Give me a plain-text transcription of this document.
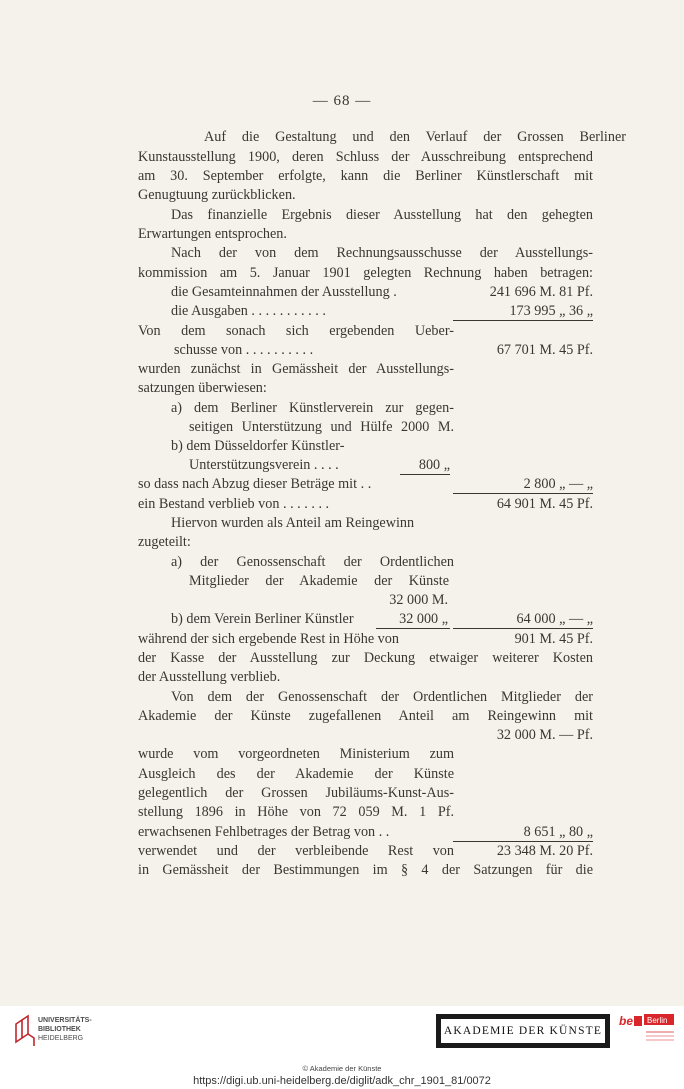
— 68 —
Auf die Gestaltung und den Verlauf der Grossen Berliner
Kunstausstellung 1900, deren Schluss der Ausschreibung entsprechend
am 30. September erfolgte, kann die Berliner Künstlerschaft mit
Genugtuung zurückblicken.
Das finanzielle Ergebnis dieser Ausstellung hat den gehegten
Erwartungen entsprochen.
Nach der von dem Rechnungsausschusse der Ausstellungs-
kommission am 5. Januar 1901 gelegten Rechnung haben betragen:
die Gesamteinnahmen der Ausstellung .	241 696 M. 81 Pf.
die Ausgaben . . . . . . . . . . .	173 995 „ 36 „
Von dem sonach sich ergebenden Ueber-
schusse von . . . . . . . . . .	67 701 M. 45 Pf.
wurden zunächst in Gemässheit der Ausstellungs-
satzungen überwiesen:
a) dem Berliner Künstlerverein zur gegen-
seitigen Unterstützung und Hülfe 2000 M.
b) dem Düsseldorfer Künstler-
Unterstützungsverein . . . .	800 „
so dass nach Abzug dieser Beträge mit . .	2 800 „ — „
ein Bestand verblieb von . . . . . . .	64 901 M. 45 Pf.
Hiervon wurden als Anteil am Reingewinn
zugeteilt:
a) der Genossenschaft der Ordentlichen
Mitglieder der Akademie der Künste
32 000 M.
b) dem Verein Berliner Künstler	32 000 „	64 000 „ — „
während der sich ergebende Rest in Höhe von	901 M. 45 Pf.
der Kasse der Ausstellung zur Deckung etwaiger weiterer Kosten
der Ausstellung verblieb.
Von dem der Genossenschaft der Ordentlichen Mitglieder der
Akademie der Künste zugefallenen Anteil am Reingewinn mit
32 000 M. — Pf.
wurde vom vorgeordneten Ministerium zum
Ausgleich des der Akademie der Künste
gelegentlich der Grossen Jubiläums-Kunst-Aus-
stellung 1896 in Höhe von 72 059 M. 1 Pf.
erwachsenen Fehlbetrages der Betrag von . .	8 651 „ 80 „
verwendet und der verbleibende Rest von	23 348 M. 20 Pf.
in Gemässheit der Bestimmungen im § 4 der Satzungen für die
UNIVERSITÄTS-
BIBLIOTHEK
HEIDELBERG
AKADEMIE DER KÜNSTE
be Berlin
© Akademie der Künste
https://digi.ub.uni-heidelberg.de/diglit/adk_chr_1901_81/0072
